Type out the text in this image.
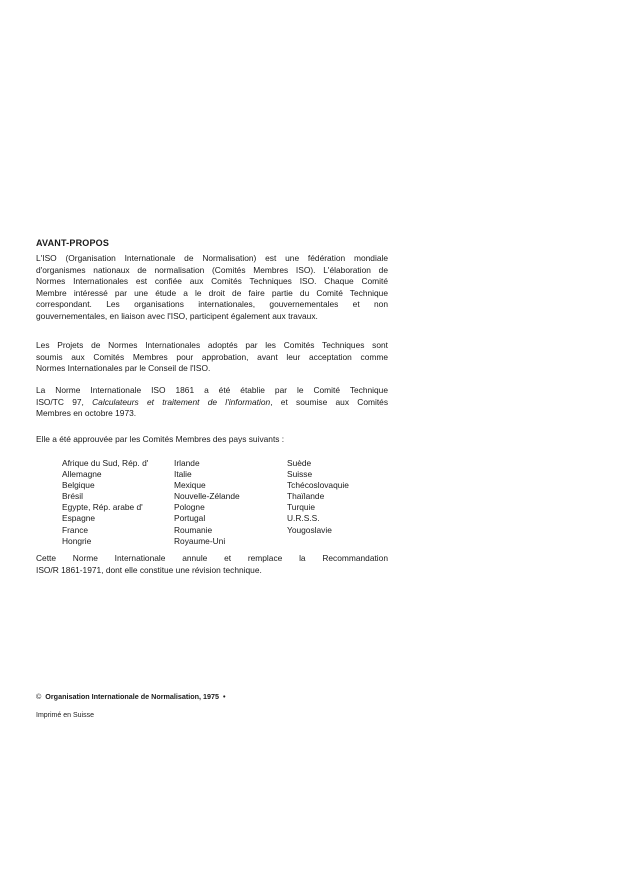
AVANT-PROPOS
L'ISO (Organisation Internationale de Normalisation) est une fédération mondiale
d'organismes nationaux de normalisation (Comités Membres ISO). L'élaboration de
Normes Internationales est confiée aux Comités Techniques ISO. Chaque Comité
Membre intéressé par une étude a le droit de faire partie du Comité Technique
correspondant. Les organisations internationales, gouvernementales et non
gouvernementales, en liaison avec l'ISO, participent également aux travaux.
Les Projets de Normes Internationales adoptés par les Comités Techniques sont
soumis aux Comités Membres pour approbation, avant leur acceptation comme
Normes Internationales par le Conseil de l'ISO.
La Norme Internationale ISO 1861 a été établie par le Comité Technique
ISO/TC 97, Calculateurs et traitement de l'information, et soumise aux Comités
Membres en octobre 1973.
Elle a été approuvée par les Comités Membres des pays suivants :
Afrique du Sud, Rép. d'
Allemagne
Belgique
Brésil
Egypte, Rép. arabe d'
Espagne
France
Hongrie
Irlande
Italie
Mexique
Nouvelle-Zélande
Pologne
Portugal
Roumanie
Royaume-Uni
Suède
Suisse
Tchécoslovaquie
Thaïlande
Turquie
U.R.S.S.
Yougoslavie
Cette Norme Internationale annule et remplace la Recommandation
ISO/R 1861-1971, dont elle constitue une révision technique.
© Organisation Internationale de Normalisation, 1975 •
Imprimé en Suisse
